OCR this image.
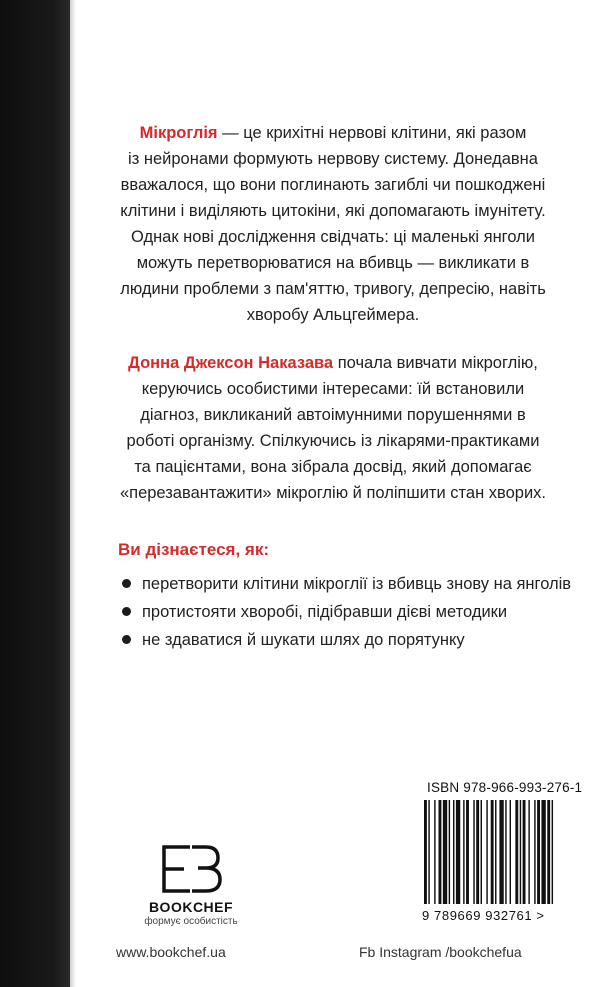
Мікроглія — це крихітні нервові клітини, які разом
із нейронами формують нервову систему. Донедавна
вважалося, що вони поглинають загиблі чи пошкоджені
клітини і виділяють цитокіни, які допомагають імунітету.
Однак нові дослідження свідчать: ці маленькі янголи
можуть перетворюватися на вбивць — викликати в
людини проблеми з пам'яттю, тривогу, депресію, навіть
хворобу Альцгеймера.

Донна Джексон Наказава почала вивчати мікроглію,
керуючись особистими інтересами: їй встановили
діагноз, викликаний автоімунними порушеннями в
роботі організму. Спілкуючись із лікарями-практиками
та пацієнтами, вона зібрала досвід, який допомагає
«перезавантажити» мікроглію й поліпшити стан хворих.

Ви дізнаєтеся, як:

перетворити клітини мікроглії із вбивць знову на янголів
протистояти хворобі, підібравши дієві методики
не здаватися й шукати шлях до порятунку
BOOKCHEF
формує особистість
ISBN 978-966-993-276-1
9 789669 932761 >
www.bookchef.ua	Fb Instagram /bookchefua
